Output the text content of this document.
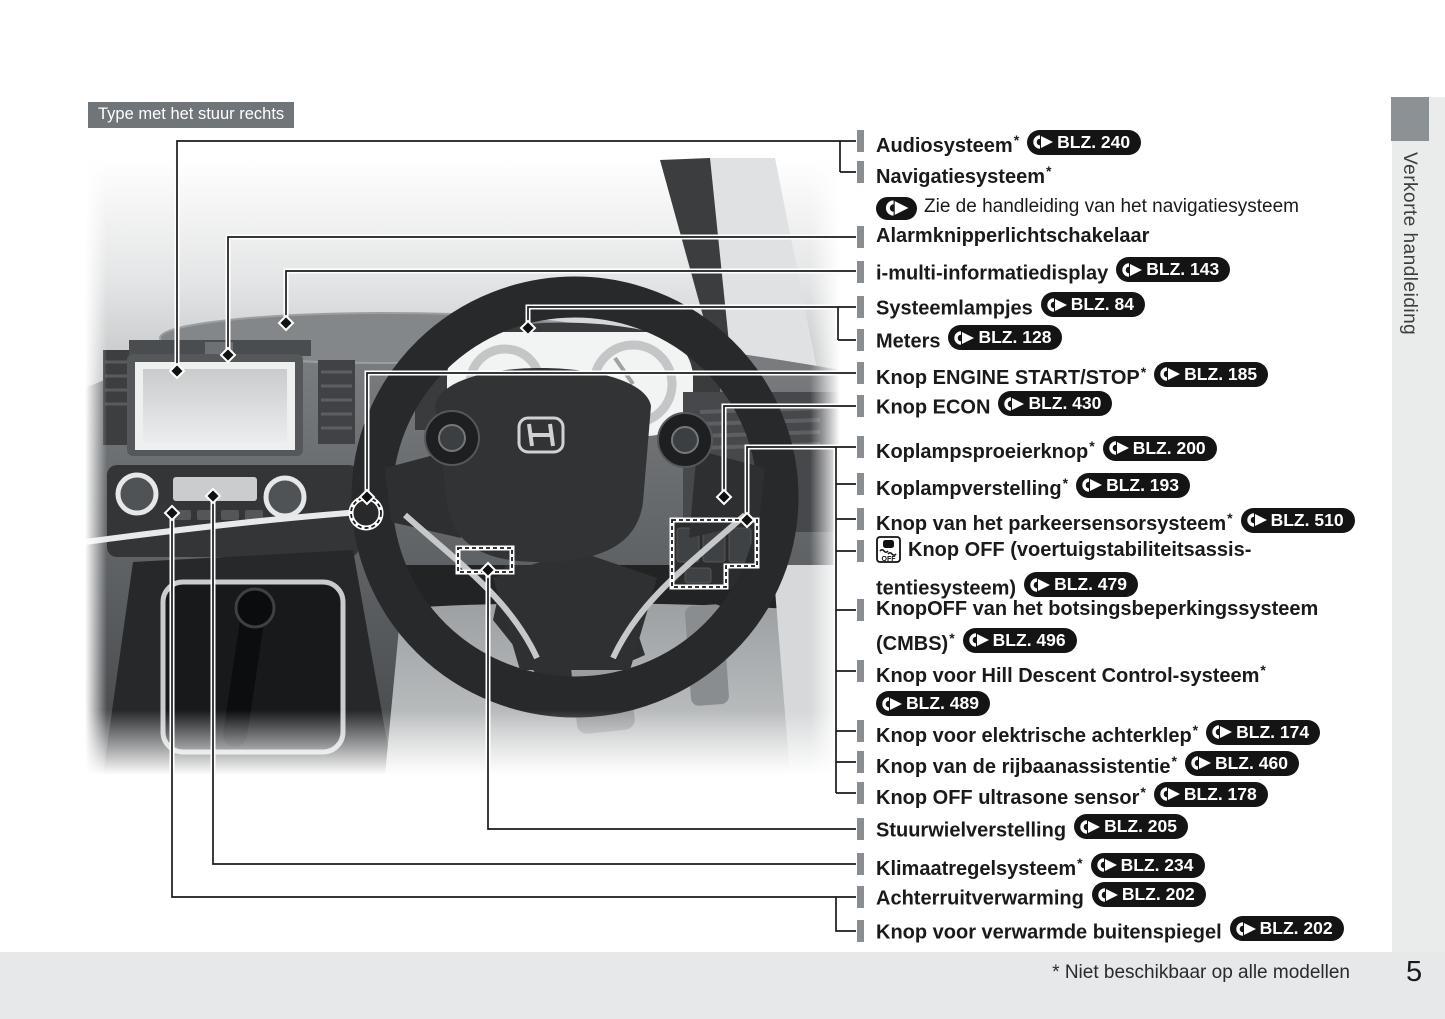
Type met het stuur rechts
Verkorte handleiding
* Niet beschikbaar op alle modellen 5
Audiosysteem* BLZ. 240
Navigatiesysteem*
Zie de handleiding van het navigatiesysteem
Alarmknipperlichtschakelaar
i-multi-informatiedisplay BLZ. 143
Systeemlampjes BLZ. 84
Meters BLZ. 128
Knop ENGINE START/STOP* BLZ. 185
Knop ECON BLZ. 430
Koplampsproeierknop* BLZ. 200
Koplampverstelling* BLZ. 193
Knop van het parkeersensorsysteem* BLZ. 510
OFF Knop OFF (voertuigstabiliteitsassis-
tentiesysteem) BLZ. 479
KnopOFF van het botsingsbeperkingssysteem
(CMBS)* BLZ. 496
Knop voor Hill Descent Control-systeem*
BLZ. 489
Knop voor elektrische achterklep* BLZ. 174
Knop van de rijbaanassistentie* BLZ. 460
Knop OFF ultrasone sensor* BLZ. 178
Stuurwielverstelling BLZ. 205
Klimaatregelsysteem* BLZ. 234
Achterruitverwarming BLZ. 202
Knop voor verwarmde buitenspiegel BLZ. 202
